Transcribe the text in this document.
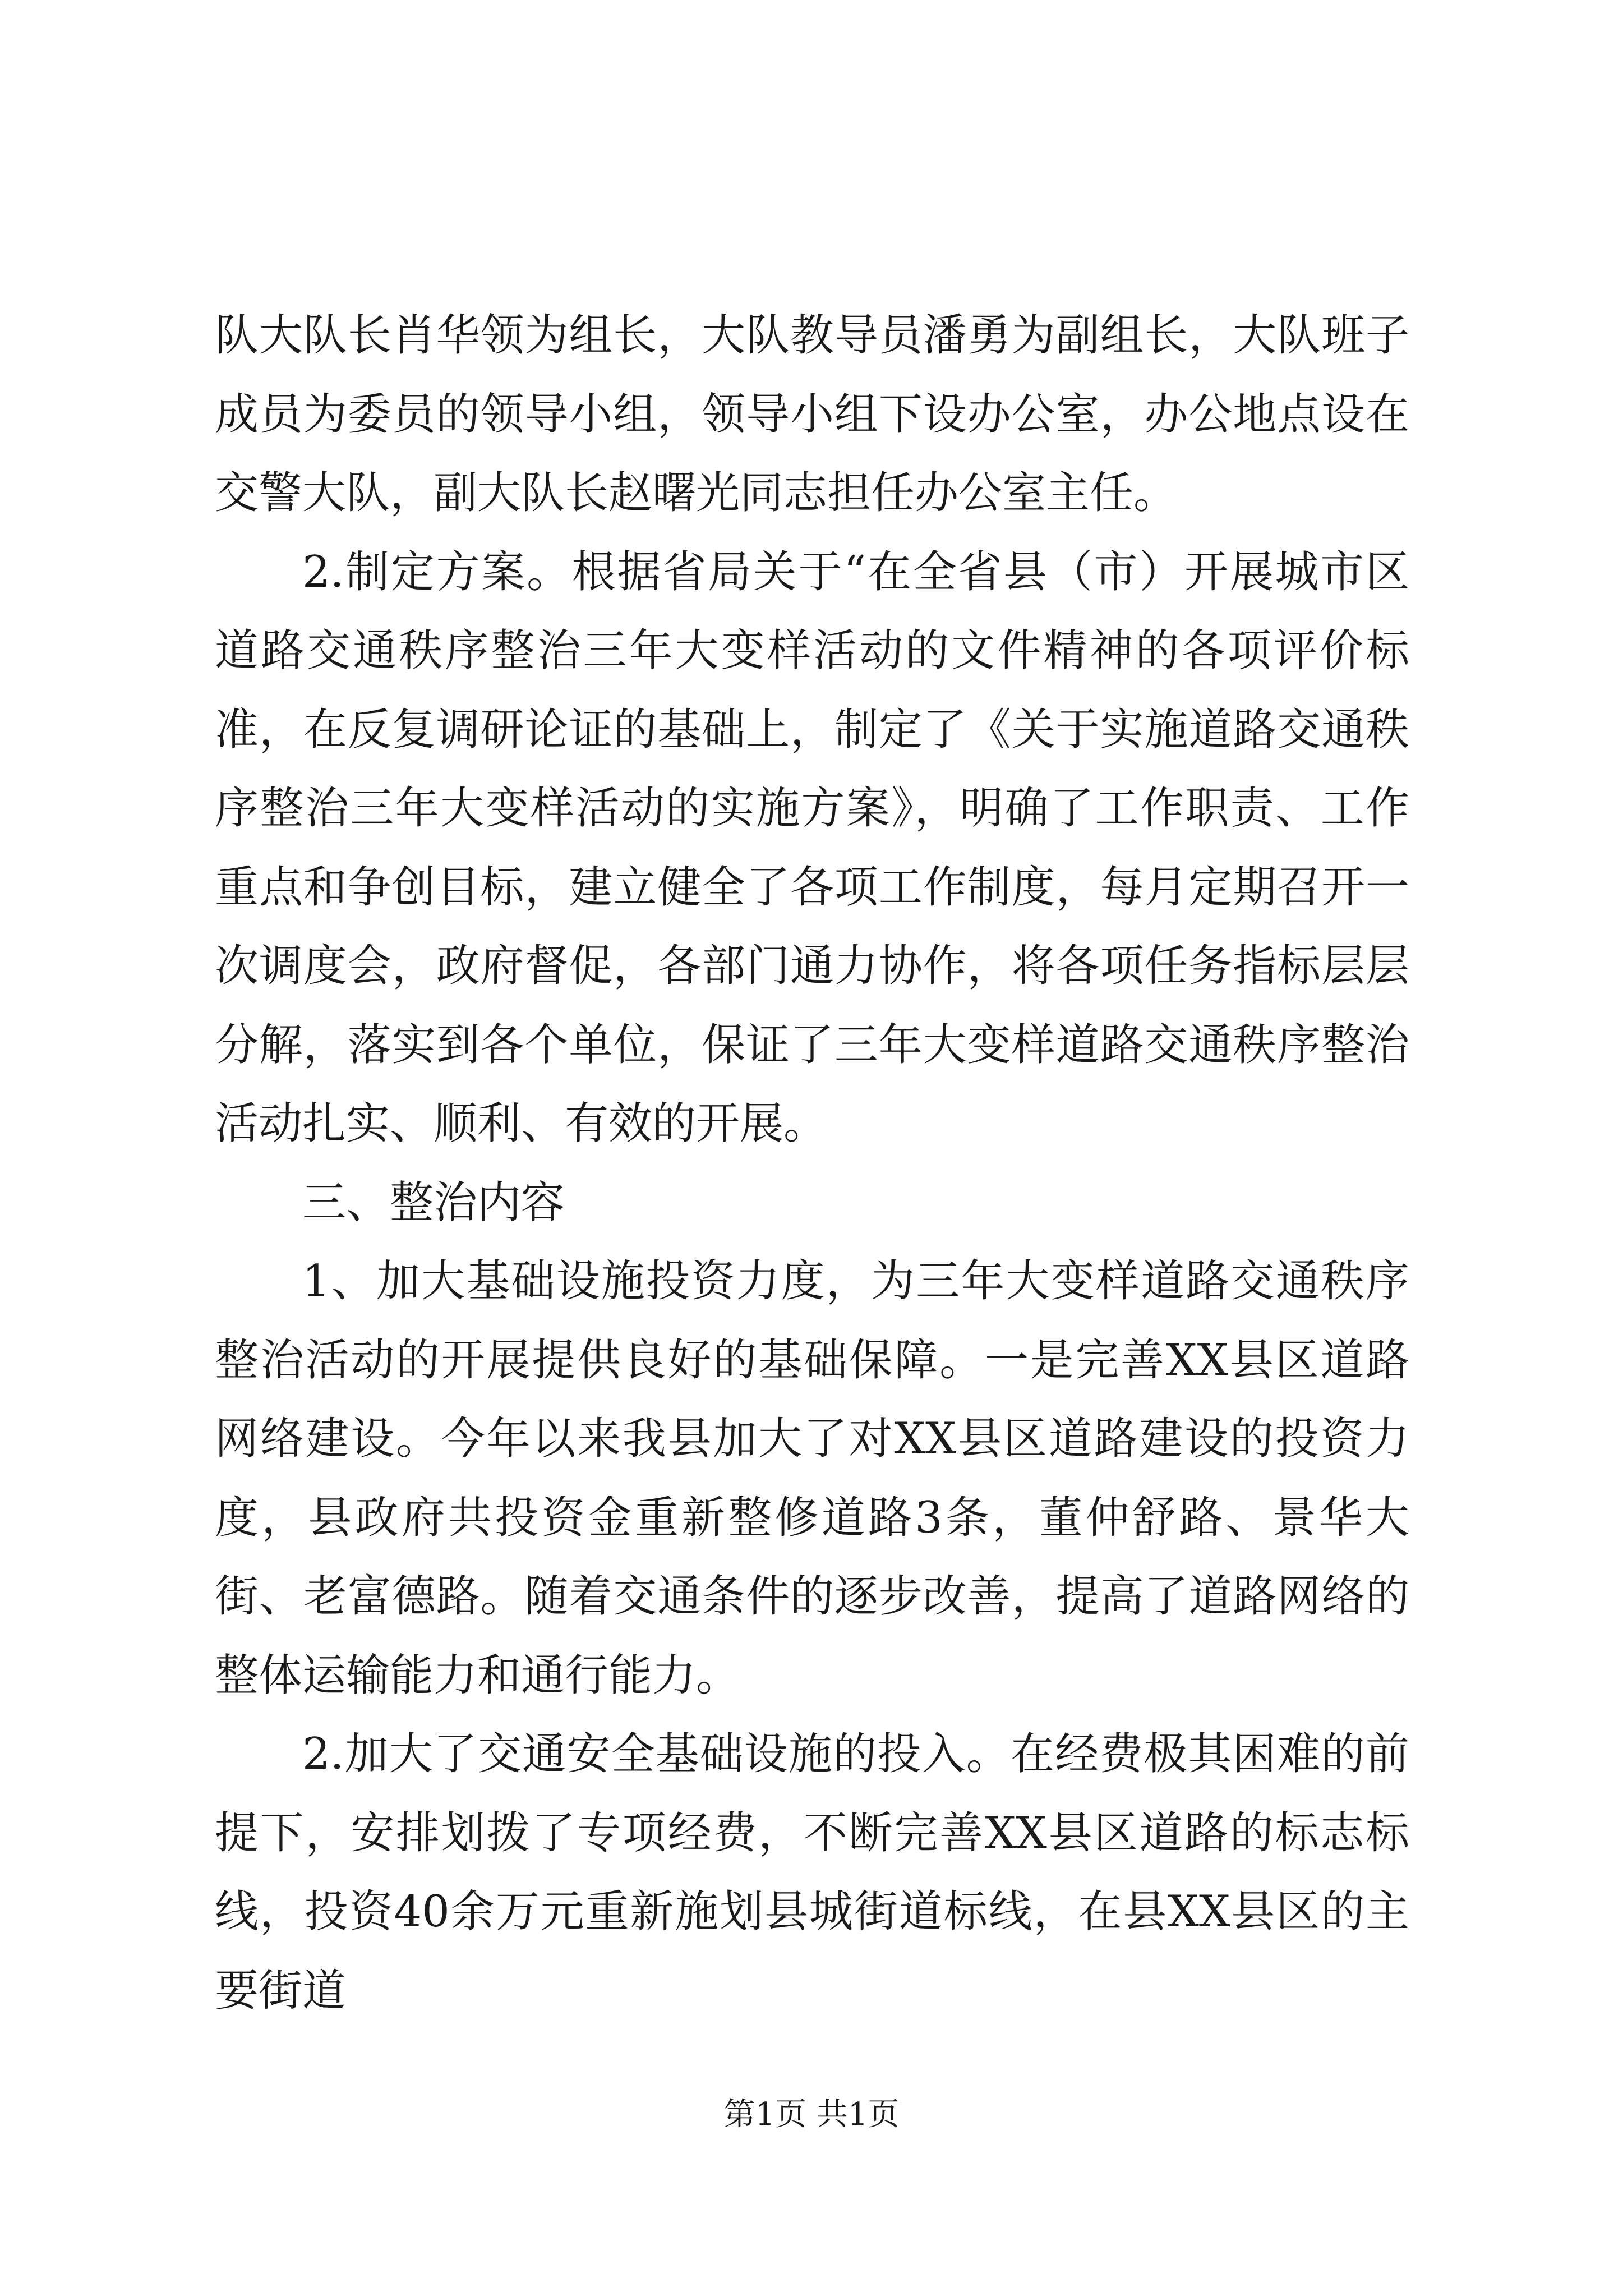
队大队长肖华领为组长，大队教导员潘勇为副组长，大队班子成员为委员的领导小组，领导小组下设办公室，办公地点设在交警大队，副大队长赵曙光同志担任办公室主任。

2.制定方案。根据省局关于“在全省县（市）开展城市区道路交通秩序整治三年大变样活动的文件精神的各项评价标准，在反复调研论证的基础上，制定了《关于实施道路交通秩序整治三年大变样活动的实施方案》，明确了工作职责、工作重点和争创目标，建立健全了各项工作制度，每月定期召开一次调度会，政府督促，各部门通力协作，将各项任务指标层层分解，落实到各个单位，保证了三年大变样道路交通秩序整治活动扎实、顺利、有效的开展。

三、整治内容

1、加大基础设施投资力度，为三年大变样道路交通秩序整治活动的开展提供良好的基础保障。一是完善XX县区道路网络建设。今年以来我县加大了对XX县区道路建设的投资力度，县政府共投资金重新整修道路3条，董仲舒路、景华大街、老富德路。随着交通条件的逐步改善，提高了道路网络的整体运输能力和通行能力。

2.加大了交通安全基础设施的投入。在经费极其困难的前提下，安排划拨了专项经费，不断完善XX县区道路的标志标线，投资40余万元重新施划县城街道标线，在县XX县区的主要街道

第1页 共1页
